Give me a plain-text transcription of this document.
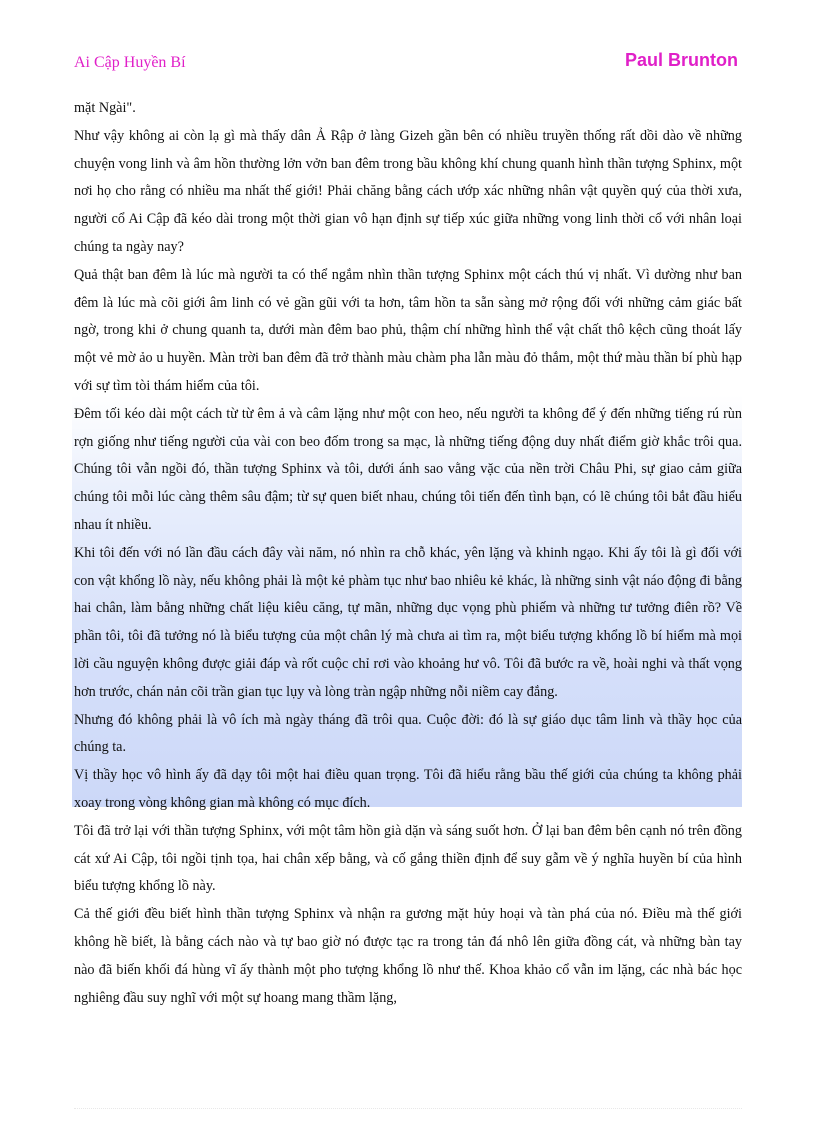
Ai Cập Huyền Bí	Paul Brunton

mặt Ngài".

Như vậy không ai còn lạ gì mà thấy dân Ả Rập ở làng Gizeh gần bên có nhiều truyền thống rất dồi dào về những chuyện vong linh và âm hồn thường lởn vởn ban đêm trong bầu không khí chung quanh hình thần tượng Sphinx, một nơi họ cho rằng có nhiều ma nhất thế giới! Phải chăng bằng cách ướp xác những nhân vật quyền quý của thời xưa, người cổ Ai Cập đã kéo dài trong một thời gian vô hạn định sự tiếp xúc giữa những vong linh thời cổ với nhân loại chúng ta ngày nay?

Quả thật ban đêm là lúc mà người ta có thể ngắm nhìn thần tượng Sphinx một cách thú vị nhất. Vì dường như ban đêm là lúc mà cõi giới âm linh có vẻ gần gũi với ta hơn, tâm hồn ta sẵn sàng mở rộng đối với những cảm giác bất ngờ, trong khi ở chung quanh ta, dưới màn đêm bao phủ, thậm chí những hình thể vật chất thô kệch cũng thoát lấy một vẻ mờ ảo u huyền. Màn trời ban đêm đã trở thành màu chàm pha lẫn màu đỏ thắm, một thứ màu thần bí phù hạp với sự tìm tòi thám hiểm của tôi.

Đêm tối kéo dài một cách từ từ êm ả và câm lặng như một con heo, nếu người ta không để ý đến những tiếng rú rùn rợn giống như tiếng người của vài con beo đốm trong sa mạc, là những tiếng động duy nhất điểm giờ khắc trôi qua. Chúng tôi vẫn ngồi đó, thần tượng Sphinx và tôi, dưới ánh sao vằng vặc của nền trời Châu Phi, sự giao cảm giữa chúng tôi mỗi lúc càng thêm sâu đậm; từ sự quen biết nhau, chúng tôi tiến đến tình bạn, có lẽ chúng tôi bắt đầu hiểu nhau ít nhiều.

Khi tôi đến với nó lần đầu cách đây vài năm, nó nhìn ra chỗ khác, yên lặng và khinh ngạo. Khi ấy tôi là gì đối với con vật khổng lồ này, nếu không phải là một kẻ phàm tục như bao nhiêu kẻ khác, là những sinh vật náo động đi bằng hai chân, làm bằng những chất liệu kiêu căng, tự mãn, những dục vọng phù phiếm và những tư tưởng điên rồ? Về phần tôi, tôi đã tưởng nó là biểu tượng của một chân lý mà chưa ai tìm ra, một biểu tượng khổng lồ bí hiểm mà mọi lời cầu nguyện không được giải đáp và rốt cuộc chỉ rơi vào khoảng hư vô. Tôi đã bước ra về, hoài nghi và thất vọng hơn trước, chán nản cõi trần gian tục lụy và lòng tràn ngập những nỗi niềm cay đắng.

Nhưng đó không phải là vô ích mà ngày tháng đã trôi qua. Cuộc đời: đó là sự giáo dục tâm linh và thầy học của chúng ta.

Vị thầy học vô hình ấy đã dạy tôi một hai điều quan trọng. Tôi đã hiểu rằng bầu thế giới của chúng ta không phải xoay trong vòng không gian mà không có mục đích.

Tôi đã trở lại với thần tượng Sphinx, với một tâm hồn già dặn và sáng suốt hơn. Ở lại ban đêm bên cạnh nó trên đồng cát xứ Ai Cập, tôi ngồi tịnh tọa, hai chân xếp bằng, và cố gắng thiền định để suy gẫm về ý nghĩa huyền bí của hình biểu tượng khổng lồ này.

Cả thế giới đều biết hình thần tượng Sphinx và nhận ra gương mặt hủy hoại và tàn phá của nó. Điều mà thế giới không hề biết, là bằng cách nào và tự bao giờ nó được tạc ra trong tản đá nhô lên giữa đồng cát, và những bàn tay nào đã biến khối đá hùng vĩ ấy thành một pho tượng khổng lồ như thế. Khoa khảo cổ vẫn im lặng, các nhà bác học nghiêng đầu suy nghĩ với một sự hoang mang thầm lặng,
